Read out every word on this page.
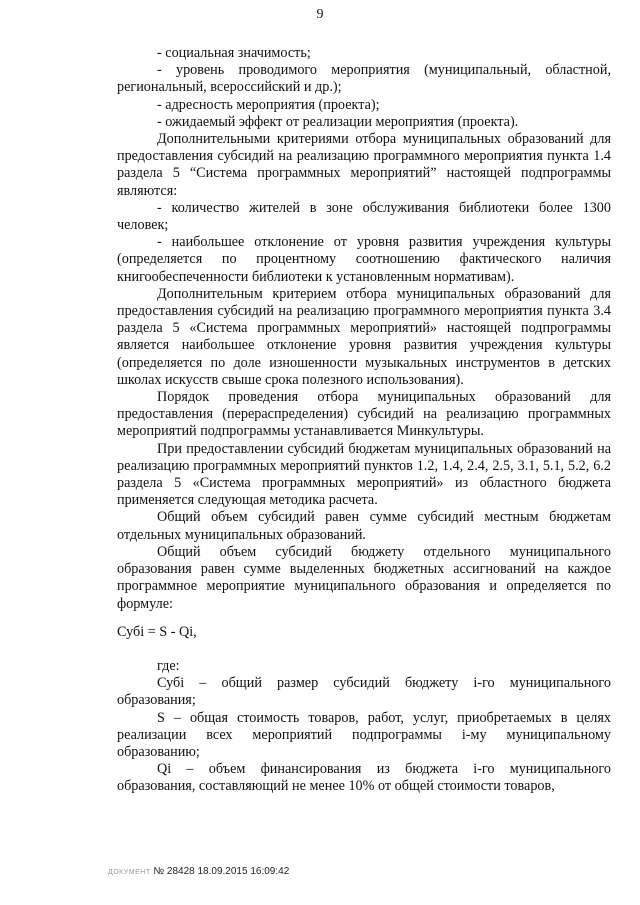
9

- социальная значимость;

- уровень проводимого мероприятия (муниципальный, областной, региональный, всероссийский и др.);

- адресность мероприятия (проекта);

- ожидаемый эффект от реализации мероприятия (проекта).

Дополнительными критериями отбора муниципальных образований для предоставления субсидий на реализацию программного мероприятия пункта 1.4 раздела 5 “Система программных мероприятий” настоящей подпрограммы являются:

- количество жителей в зоне обслуживания библиотеки более 1300 человек;

- наибольшее отклонение от уровня развития учреждения культуры (определяется по процентному соотношению фактического наличия книгообеспеченности библиотеки к установленным нормативам).

Дополнительным критерием отбора муниципальных образований для предоставления субсидий на реализацию программного мероприятия пункта 3.4 раздела 5 «Система программных мероприятий» настоящей подпрограммы является наибольшее отклонение уровня развития учреждения культуры (определяется по доле изношенности музыкальных инструментов в детских школах искусств свыше срока полезного использования).

Порядок проведения отбора муниципальных образований для предоставления (перераспределения) субсидий на реализацию программных мероприятий подпрограммы устанавливается Минкультуры.

При предоставлении субсидий бюджетам муниципальных образований на реализацию программных мероприятий пунктов 1.2, 1.4, 2.4, 2.5, 3.1, 5.1, 5.2, 6.2 раздела 5 «Система программных мероприятий» из областного бюджета применяется следующая методика расчета.

Общий объем субсидий равен сумме субсидий местным бюджетам отдельных муниципальных образований.

Общий объем субсидий бюджету отдельного муниципального образования равен сумме выделенных бюджетных ассигнований на каждое программное мероприятие муниципального образования и определяется по формуле:

Субi = S - Qi,

где:

Субi – общий размер субсидий бюджету i-го муниципального образования;

S – общая стоимость товаров, работ, услуг, приобретаемых в целях реализации всех мероприятий подпрограммы i-му муниципальному образованию;

Qi – объем финансирования из бюджета i-го муниципального образования, составляющий не менее 10% от общей стоимости товаров,

ДОКУМЕНТ № 28428 18.09.2015 16:09:42
